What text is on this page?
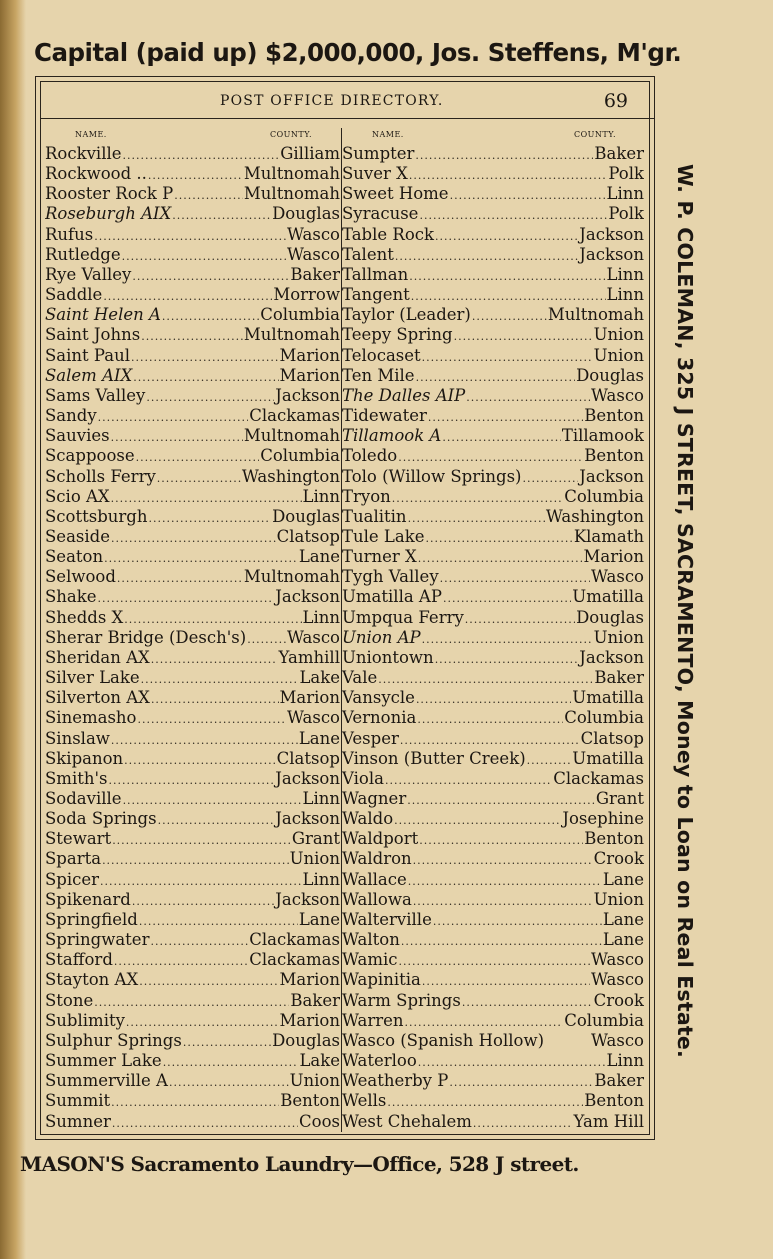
Capital (paid up) $2,000,000, Jos. Steffens, M'gr.
POST OFFICE DIRECTORY.	69
NAME.	COUNTY.
Rockville .....	Gilliam
Rockwood .. .....	Multnomah
Rooster Rock P .....	Multnomah
Roseburgh AIX .....	Douglas
Rufus .....	Wasco
Rutledge .....	Wasco
Rye Valley .....	Baker
Saddle .....	Morrow
Saint Helen A .....	Columbia
Saint Johns .....	Multnomah
Saint Paul .....	Marion
Salem AIX .....	Marion
Sams Valley .....	Jackson
Sandy .....	Clackamas
Sauvies .....	Multnomah
Scappoose .....	Columbia
Scholls Ferry .....	Washington
Scio AX .....	Linn
Scottsburgh .....	Douglas
Seaside .....	Clatsop
Seaton .....	Lane
Selwood .....	Multnomah
Shake .....	Jackson
Shedds X .....	Linn
Sherar Bridge (Desch's) ..... Wasco
Sheridan AX .....	Yamhill
Silver Lake .....	Lake
Silverton AX .....	Marion
Sinemasho .....	Wasco
Sinslaw .....	Lane
Skipanon .....	Clatsop
Smith's .....	Jackson
Sodaville .....	Linn
Soda Springs .....	Jackson
Stewart .....	Grant
Sparta .....	Union
Spicer .....	Linn
Spikenard .....	Jackson
Springfield .....	Lane
Springwater .....	Clackamas
Stafford .....	Clackamas
Stayton AX .....	Marion
Stone .....	Baker
Sublimity .....	Marion
Sulphur Springs .....	Douglas
Summer Lake .....	Lake
Summerville A .....	Union
Summit .....	Benton
Sumner .....	Coos
NAME.	COUNTY.
Sumpter .....	Baker
Suver X .....	Polk
Sweet Home .....	Linn
Syracuse .....	Polk
Table Rock .....	Jackson
Talent .....	Jackson
Tallman .....	Linn
Tangent .....	Linn
Taylor (Leader) .....	Multnomah
Teepy Spring .....	Union
Telocaset .....	Union
Ten Mile .....	Douglas
The Dalles AIP .....	Wasco
Tidewater .....	Benton
Tillamook A .....	Tillamook
Toledo .....	Benton
Tolo (Willow Springs) .....	Jackson
Tryon .....	Columbia
Tualitin .....	Washington
Tule Lake .....	Klamath
Turner X .....	Marion
Tygh Valley .....	Wasco
Umatilla AP .....	Umatilla
Umpqua Ferry .....	Douglas
Union AP .....	Union
Uniontown .....	Jackson
Vale .....	Baker
Vansycle .....	Umatilla
Vernonia .....	Columbia
Vesper .....	Clatsop
Vinson (Butter Creek) .....	Umatilla
Viola .....	Clackamas
Wagner .....	Grant
Waldo .....	Josephine
Waldport .....	Benton
Waldron .....	Crook
Wallace .....	Lane
Wallowa .....	Union
Walterville .....	Lane
Walton .....	Lane
Wamic .....	Wasco
Wapinitia .....	Wasco
Warm Springs .....	Crook
Warren .....	Columbia
Wasco (Spanish Hollow)	Wasco
Waterloo .....	Linn
Weatherby P .....	Baker
Wells .....	Benton
West Chehalem .....	Yam Hill
W. P. COLEMAN, 325 J STREET, SACRAMENTO, Money to Loan on Real Estate.
MASON'S Sacramento Laundry—Office, 528 J street.
